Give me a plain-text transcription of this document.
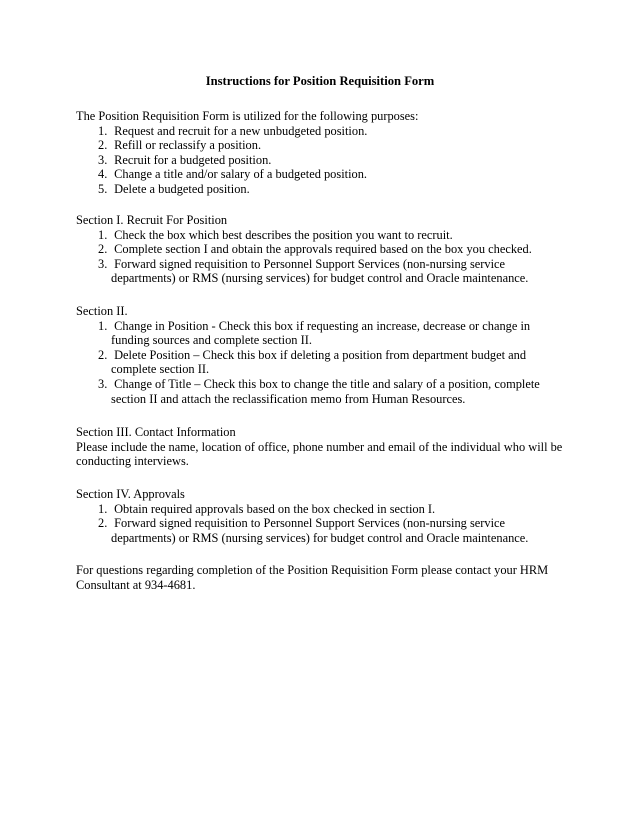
Instructions for Position Requisition Form

The Position Requisition Form is utilized for the following purposes:

1. Request and recruit for a new unbudgeted position.
2. Refill or reclassify a position.
3. Recruit for a budgeted position.
4. Change a title and/or salary of a budgeted position.
5. Delete a budgeted position.

Section I. Recruit For Position

1. Check the box which best describes the position you want to recruit.
2. Complete section I and obtain the approvals required based on the box you checked.
3. Forward signed requisition to Personnel Support Services (non-nursing service departments) or RMS (nursing services) for budget control and Oracle maintenance.

Section II.

1. Change in Position - Check this box if requesting an increase, decrease or change in funding sources and complete section II.
2. Delete Position – Check this box if deleting a position from department budget and complete section II.
3. Change of Title – Check this box to change the title and salary of a position, complete section II and attach the reclassification memo from Human Resources.

Section III. Contact Information

Please include the name, location of office, phone number and email of the individual who will be conducting interviews.

Section IV. Approvals

1. Obtain required approvals based on the box checked in section I.
2. Forward signed requisition to Personnel Support Services (non-nursing service departments) or RMS (nursing services) for budget control and Oracle maintenance.

For questions regarding completion of the Position Requisition Form please contact your HRM Consultant at 934-4681.
